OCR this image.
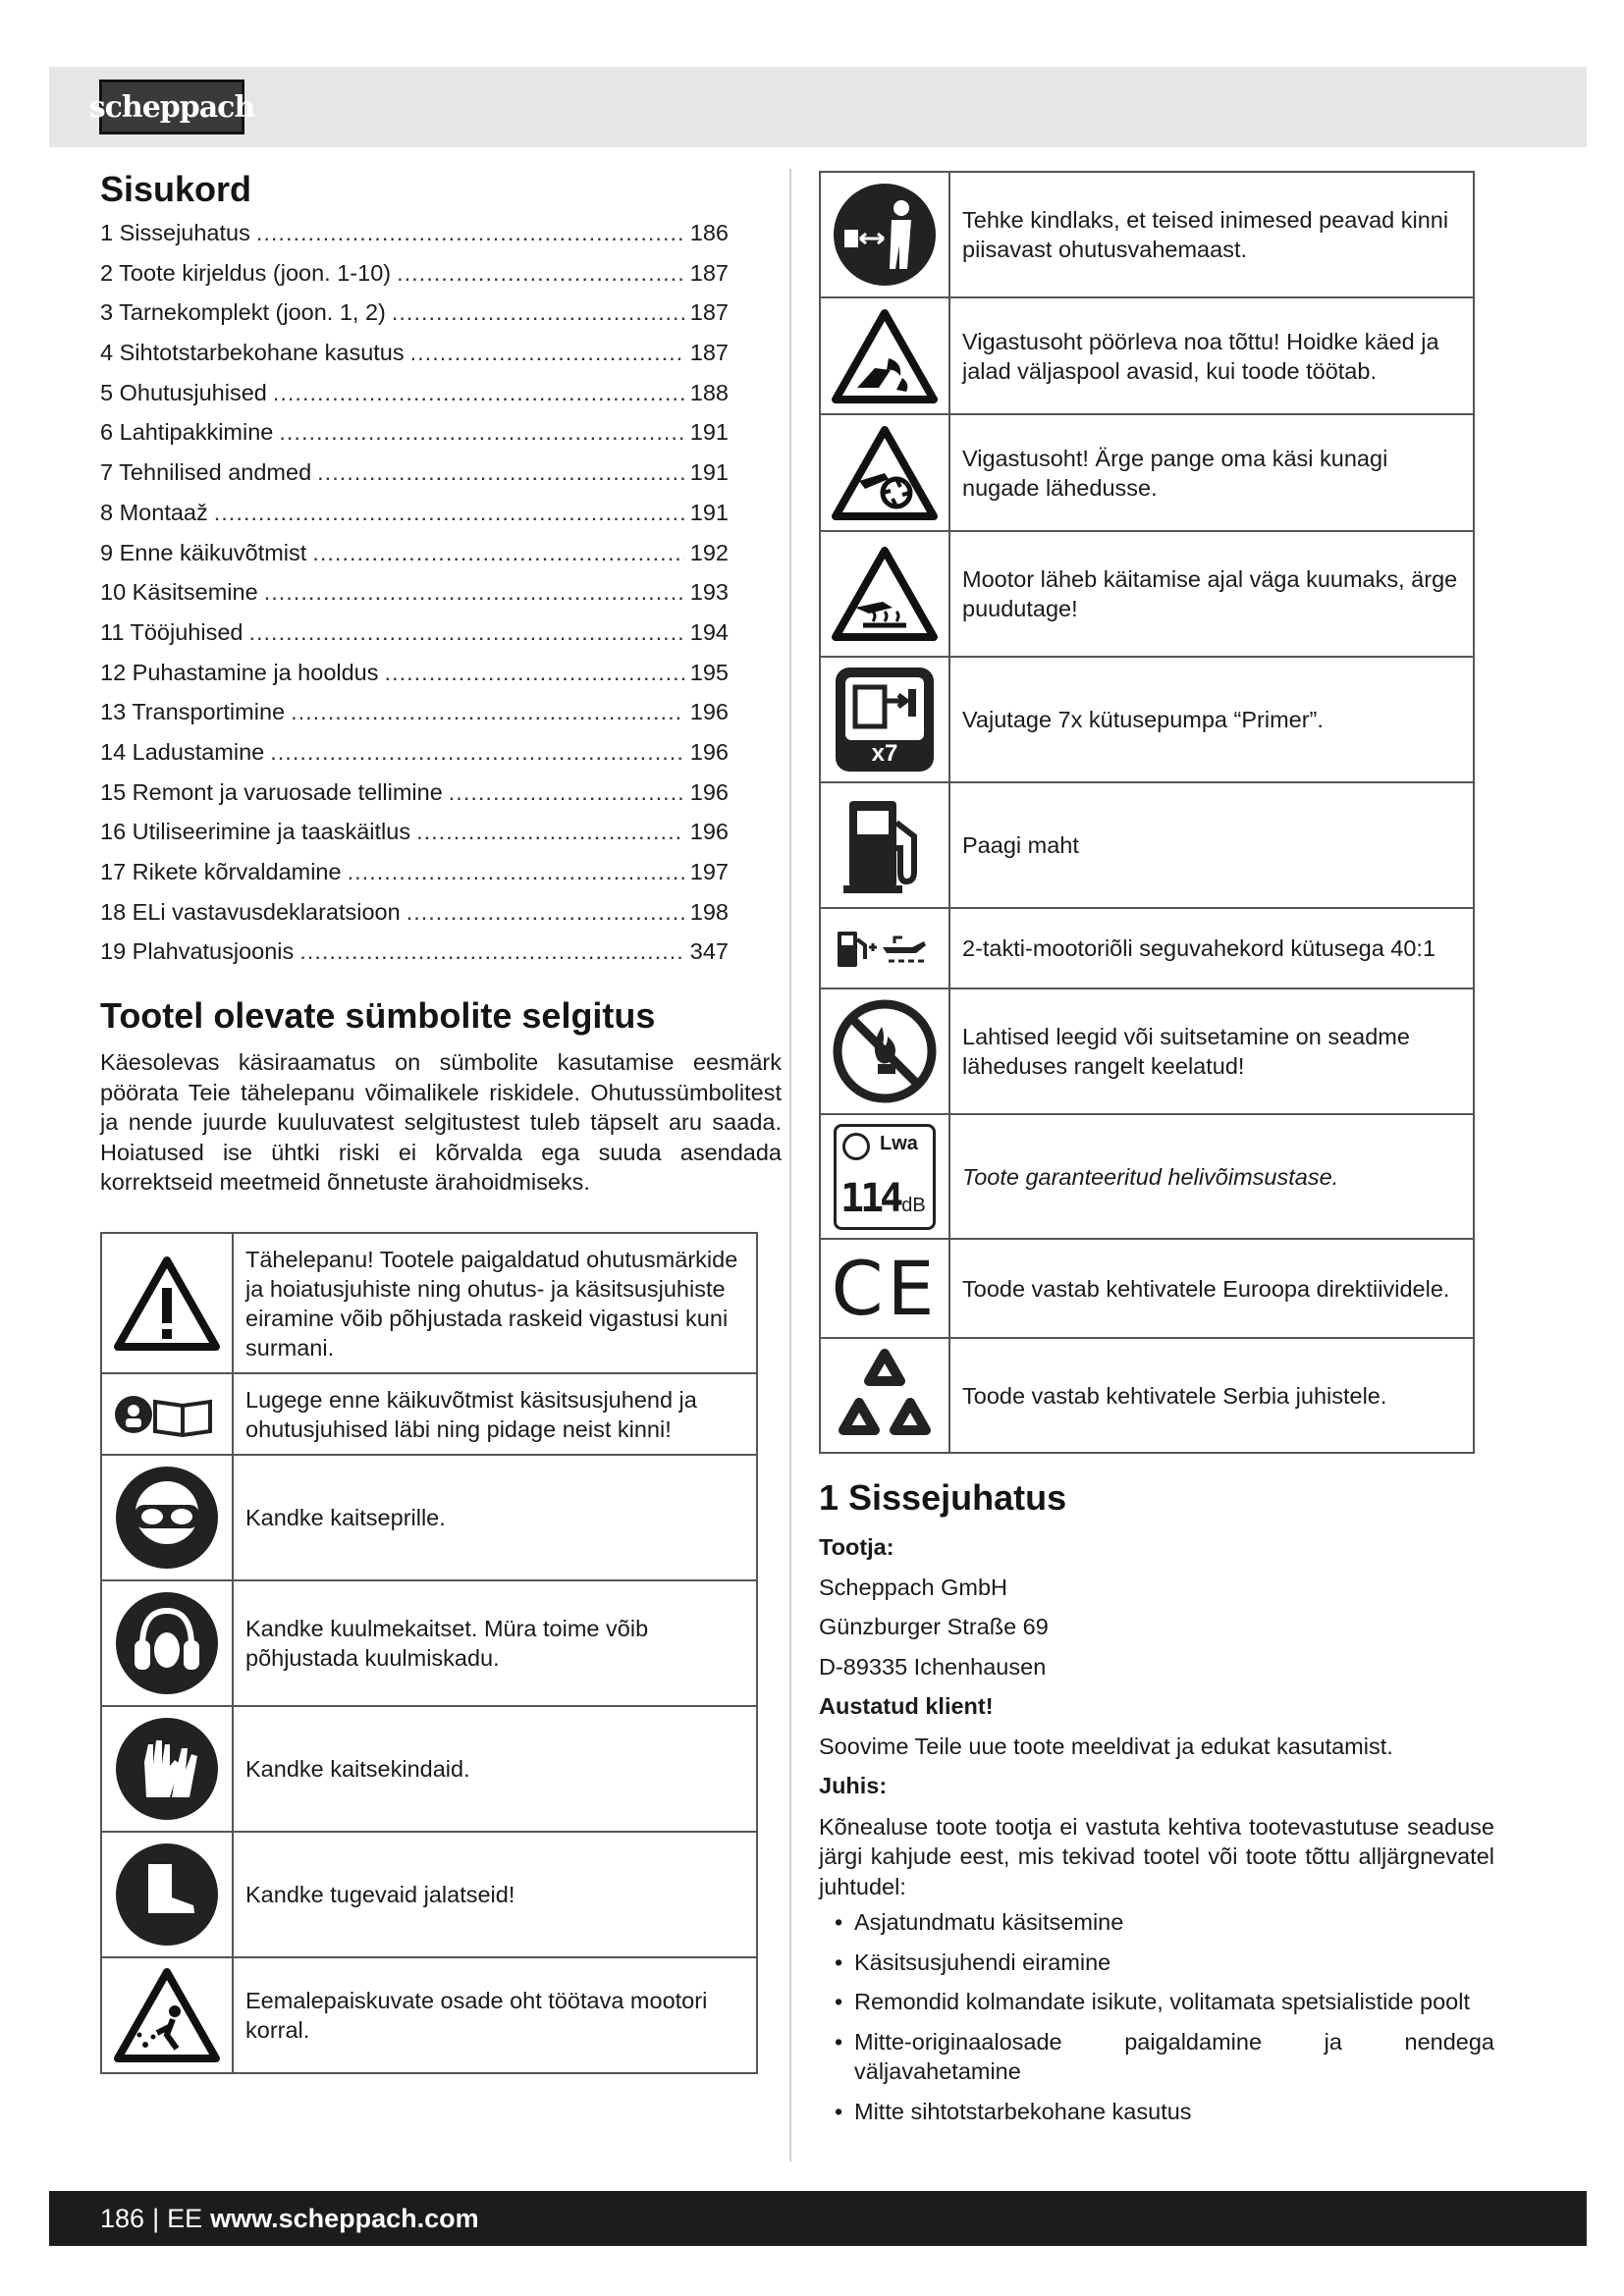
scheppach
Sisukord
1 Sissejuhatus .....	186
2 Toote kirjeldus (joon. 1-10) .....	187
3 Tarnekomplekt (joon. 1, 2) .....	187
4 Sihtotstarbekohane kasutus .....	187
5 Ohutusjuhised .....	188
6 Lahtipakkimine .....	191
7 Tehnilised andmed .....	191
8 Montaaž .....	191
9 Enne käikuvõtmist .....	192
10 Käsitsemine .....	193
11 Tööjuhised .....	194
12 Puhastamine ja hooldus .....	195
13 Transportimine .....	196
14 Ladustamine .....	196
15 Remont ja varuosade tellimine .....	196
16 Utiliseerimine ja taaskäitlus .....	196
17 Rikete kõrvaldamine .....	197
18 ELi vastavusdeklaratsioon .....	198
19 Plahvatusjoonis .....	347
Tootel olevate sümbolite selgitus

Käesolevas käsiraamatus on sümbolite kasutamise eesmärk pöörata Teie tähelepanu võimalikele riskidele. Ohutussümbolitest ja nende juurde kuuluvatest selgitustest tuleb täpselt aru saada. Hoiatused ise ühtki riski ei kõrvalda ega suuda asendada korrektseid meetmeid õnnetuste ärahoidmiseks.

	Tähelepanu! Tootele paigaldatud ohutusmärkide ja hoiatusjuhiste ning ohutus- ja käsitsusjuhiste eiramine võib põhjustada raskeid vigastusi kuni surmani.

	Lugege enne käikuvõtmist käsitsusjuhend ja ohutusjuhised läbi ning pidage neist kinni!

	Kandke kaitseprille.

	Kandke kuulmekaitset. Müra toime võib põhjustada kuulmiskadu.

	Kandke kaitsekindaid.

	Kandke tugevaid jalatseid!

	Eemalepaiskuvate osade oht töötava mootori korral.
	Tehke kindlaks, et teised inimesed peavad kinni piisavast ohutusvahemaast.

	Vigastusoht pöörleva noa tõttu! Hoidke käed ja jalad väljaspool avasid, kui toode töötab.

	Vigastusoht! Ärge pange oma käsi kunagi nugade lähedusse.

	Mootor läheb käitamise ajal väga kuumaks, ärge puudutage!

x7	Vajutage 7x kütusepumpa “Primer”.

	Paagi maht

	2-takti-mootoriõli seguvahekord kütusega 40:1

	Lahtised leegid või suitsetamine on seadme läheduses rangelt keelatud!

Lwa
114 dB	Toote garanteeritud helivõimsustase.
CE	Toode vastab kehtivatele Euroopa direktiividele.

	Toode vastab kehtivatele Serbia juhistele.
1 Sissejuhatus

Tootja:

Scheppach GmbH

Günzburger Straße 69

D-89335 Ichenhausen

Austatud klient!

Soovime Teile uue toote meeldivat ja edukat kasutamist.

Juhis:

Kõnealuse toote tootja ei vastuta kehtiva tootevastutuse seaduse järgi kahjude eest, mis tekivad tootel või toote tõttu alljärgnevatel juhtudel:

• Asjatundmatu käsitsemine
• Käsitsusjuhendi eiramine
• Remondid kolmandate isikute, volitamata spetsialistide poolt
• Mitte-originaalosade paigaldamine ja nendega väljavahetamine
• Mitte sihtotstarbekohane kasutus
186 | EE www.scheppach.com
